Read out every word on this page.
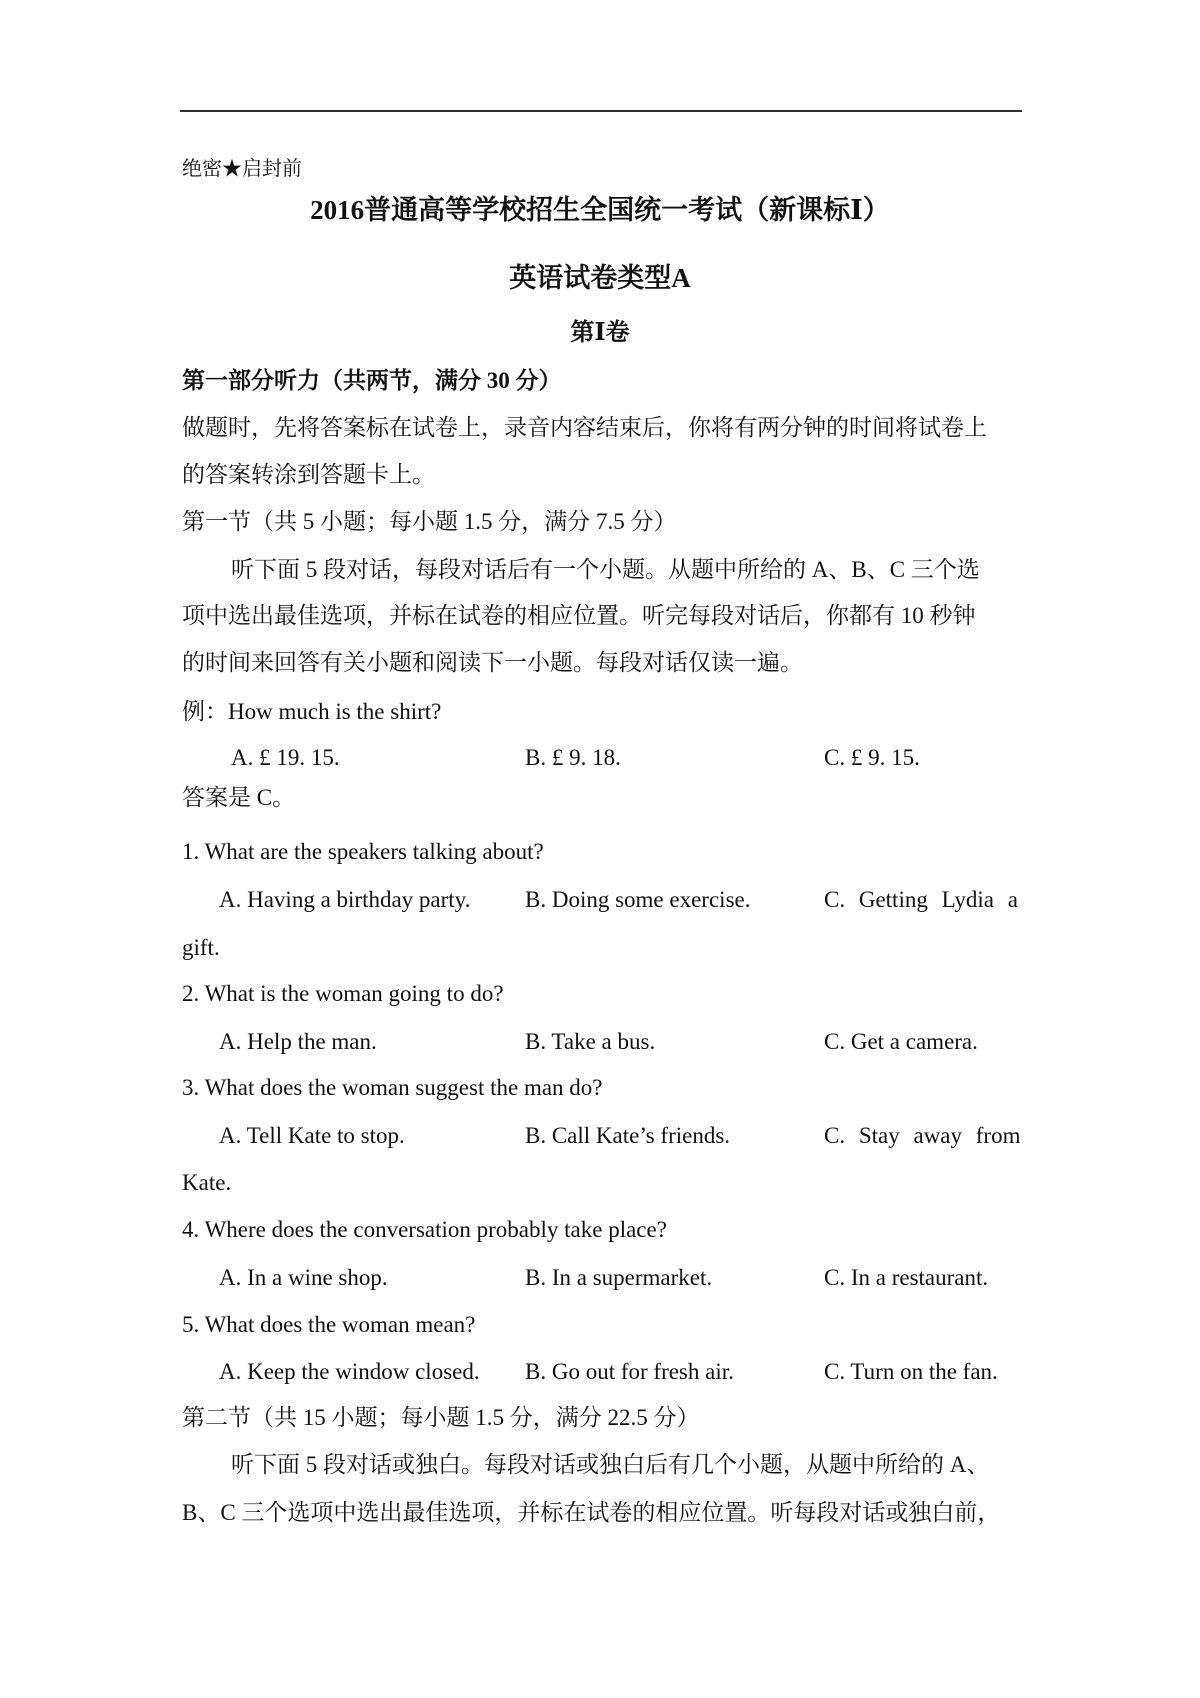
绝密★启封前
2016普通高等学校招生全国统一考试（新课标Ⅰ）
英语试卷类型A
第Ⅰ卷
第一部分听力（共两节，满分 30 分）
做题时，先将答案标在试卷上，录音内容结束后，你将有两分钟的时间将试卷上
的答案转涂到答题卡上。
第一节（共 5 小题；每小题 1.5 分，满分 7.5 分）
听下面 5 段对话，每段对话后有一个小题。从题中所给的 A、B、C 三个选
项中选出最佳选项，并标在试卷的相应位置。听完每段对话后，你都有 10 秒钟
的时间来回答有关小题和阅读下一小题。每段对话仅读一遍。
例：How much is the shirt?
A. £ 19. 15.	B. £ 9. 18.	C. £ 9. 15.
答案是 C。
1. What are the speakers talking about?
A. Having a birthday party. B. Doing some exercise.	C. Getting Lydia a
gift.
2. What is the woman going to do?
A. Help the man.	B. Take a bus.	C. Get a camera.
3. What does the woman suggest the man do?
A. Tell Kate to stop.	B. Call Kate’s friends.	C. Stay away from
Kate.
4. Where does the conversation probably take place?
A. In a wine shop.	B. In a supermarket.	C. In a restaurant.
5. What does the woman mean?
A. Keep the window closed. B. Go out for fresh air.	C. Turn on the fan.
第二节（共 15 小题；每小题 1.5 分，满分 22.5 分）
听下面 5 段对话或独白。每段对话或独白后有几个小题，从题中所给的 A、
B、C 三个选项中选出最佳选项，并标在试卷的相应位置。听每段对话或独白前，
